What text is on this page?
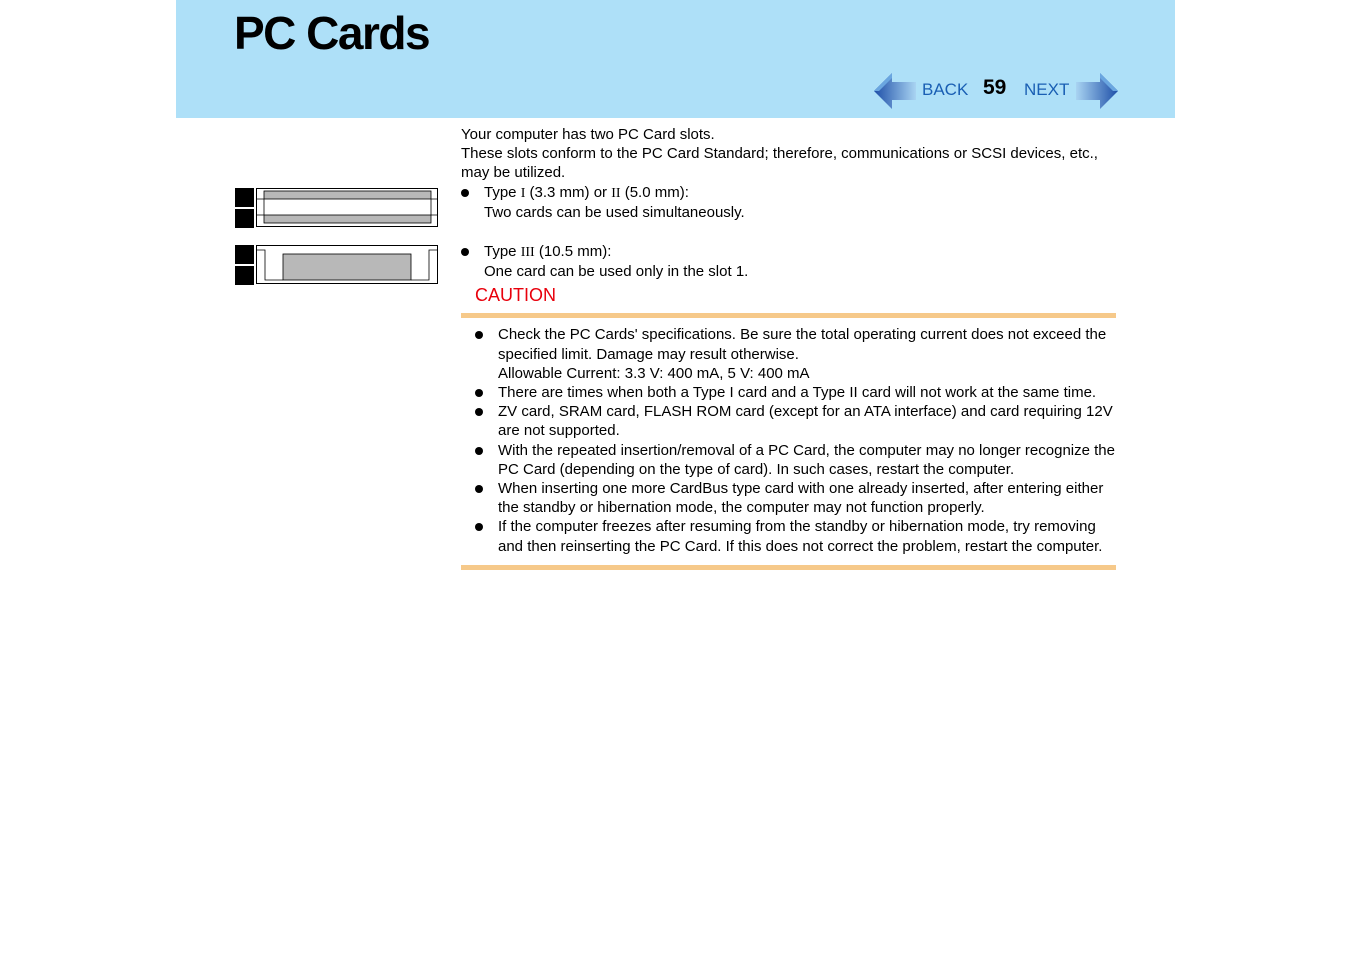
PC Cards
BACK 59 NEXT

Your computer has two PC Card slots.

These slots conform to the PC Card Standard; therefore, communications or SCSI devices, etc., may be utilized.

Type I (3.3 mm) or II (5.0 mm):

Two cards can be used simultaneously.

Type III (10.5 mm):

One card can be used only in the slot 1.

CAUTION

Check the PC Cards' specifications. Be sure the total operating current does not exceed the specified limit. Damage may result otherwise.

Allowable Current: 3.3 V: 400 mA, 5 V: 400 mA

There are times when both a Type I card and a Type II card will not work at the same time.

ZV card, SRAM card, FLASH ROM card (except for an ATA interface) and card requiring 12V are not supported.

With the repeated insertion/removal of a PC Card, the computer may no longer recognize the PC Card (depending on the type of card). In such cases, restart the computer.

When inserting one more CardBus type card with one already inserted, after entering either the standby or hibernation mode, the computer may not function properly.

If the computer freezes after resuming from the standby or hibernation mode, try removing and then reinserting the PC Card. If this does not correct the problem, restart the computer.
